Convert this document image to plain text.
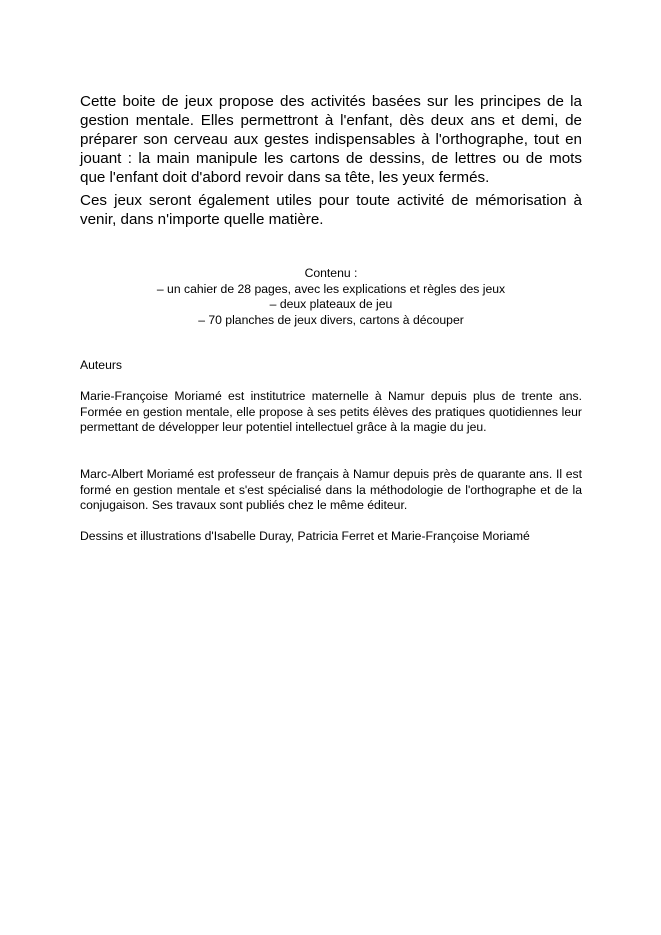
Cette boite de jeux propose des activités basées sur les principes de la gestion mentale. Elles permettront à l'enfant, dès deux ans et demi, de préparer son cerveau aux gestes indispensables à l'orthographe, tout en jouant : la main manipule les cartons de dessins, de lettres ou de mots que l'enfant doit d'abord revoir dans sa tête, les yeux fermés.

Ces jeux seront également utiles pour toute activité de mémorisation à venir, dans n'importe quelle matière.

Contenu :
– un cahier de 28 pages, avec les explications et règles des jeux
– deux plateaux de jeu
– 70 planches de jeux divers, cartons à découper

Auteurs

Marie-Françoise Moriamé est institutrice maternelle à Namur depuis plus de trente ans. Formée en gestion mentale, elle propose à ses petits élèves des pratiques quotidiennes leur permettant de développer leur potentiel intellectuel grâce à la magie du jeu.

Marc-Albert Moriamé est professeur de français à Namur depuis près de quarante ans. Il est formé en gestion mentale et s'est spécialisé dans la méthodologie de l'orthographe et de la conjugaison. Ses travaux sont publiés chez le même éditeur.

Dessins et illustrations d'Isabelle Duray, Patricia Ferret et Marie-Françoise Moriamé
